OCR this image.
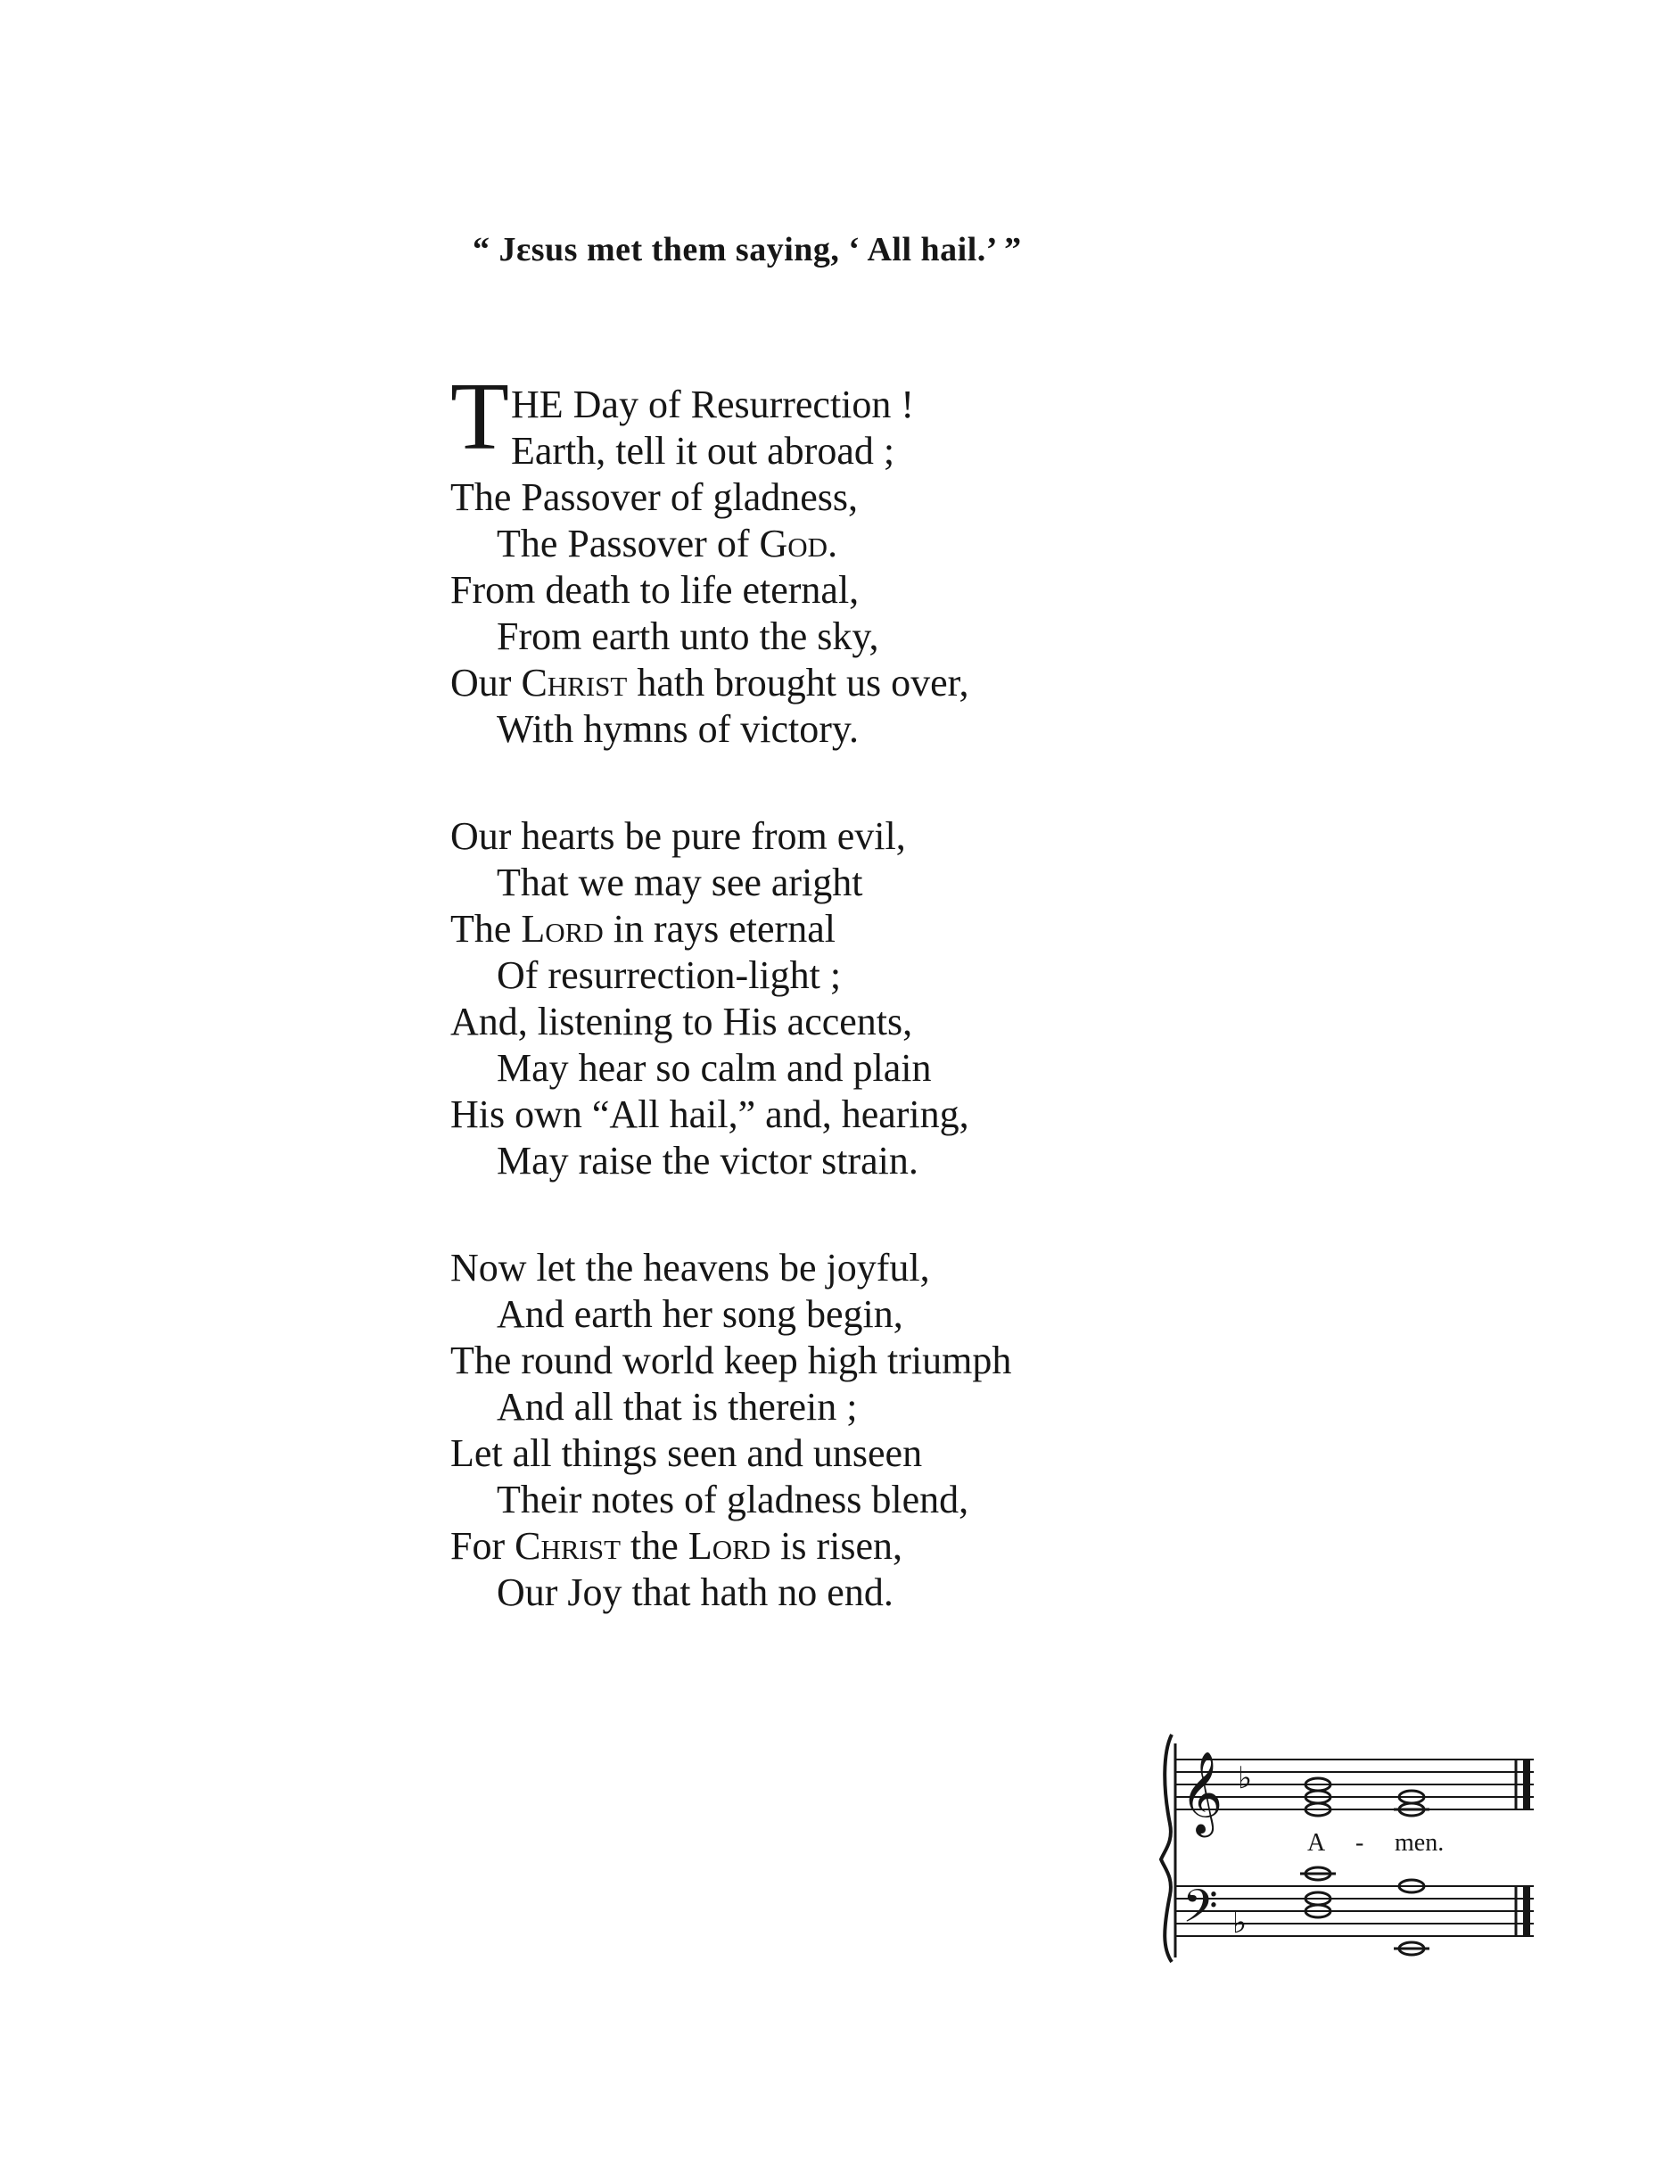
“ Jɛsus met them saying, ‘ All hail.’ ”
T HE Day of Resurrection !
Earth, tell it out abroad ;
The Passover of gladness,
The Passover of God.
From death to life eternal,
From earth unto the sky,
Our Christ hath brought us over,
With hymns of victory.
Our hearts be pure from evil,
That we may see aright
The Lord in rays eternal
Of resurrection-light ;
And, listening to His accents,
May hear so calm and plain
His own “All hail,” and, hearing,
May raise the victor strain.
Now let the heavens be joyful,
And earth her song begin,
The round world keep high triumph
And all that is therein ;
Let all things seen and unseen
Their notes of gladness blend,
For Christ the Lord is risen,
Our Joy that hath no end.
𝄞 ♭
𝄢 ♭
A - men.
